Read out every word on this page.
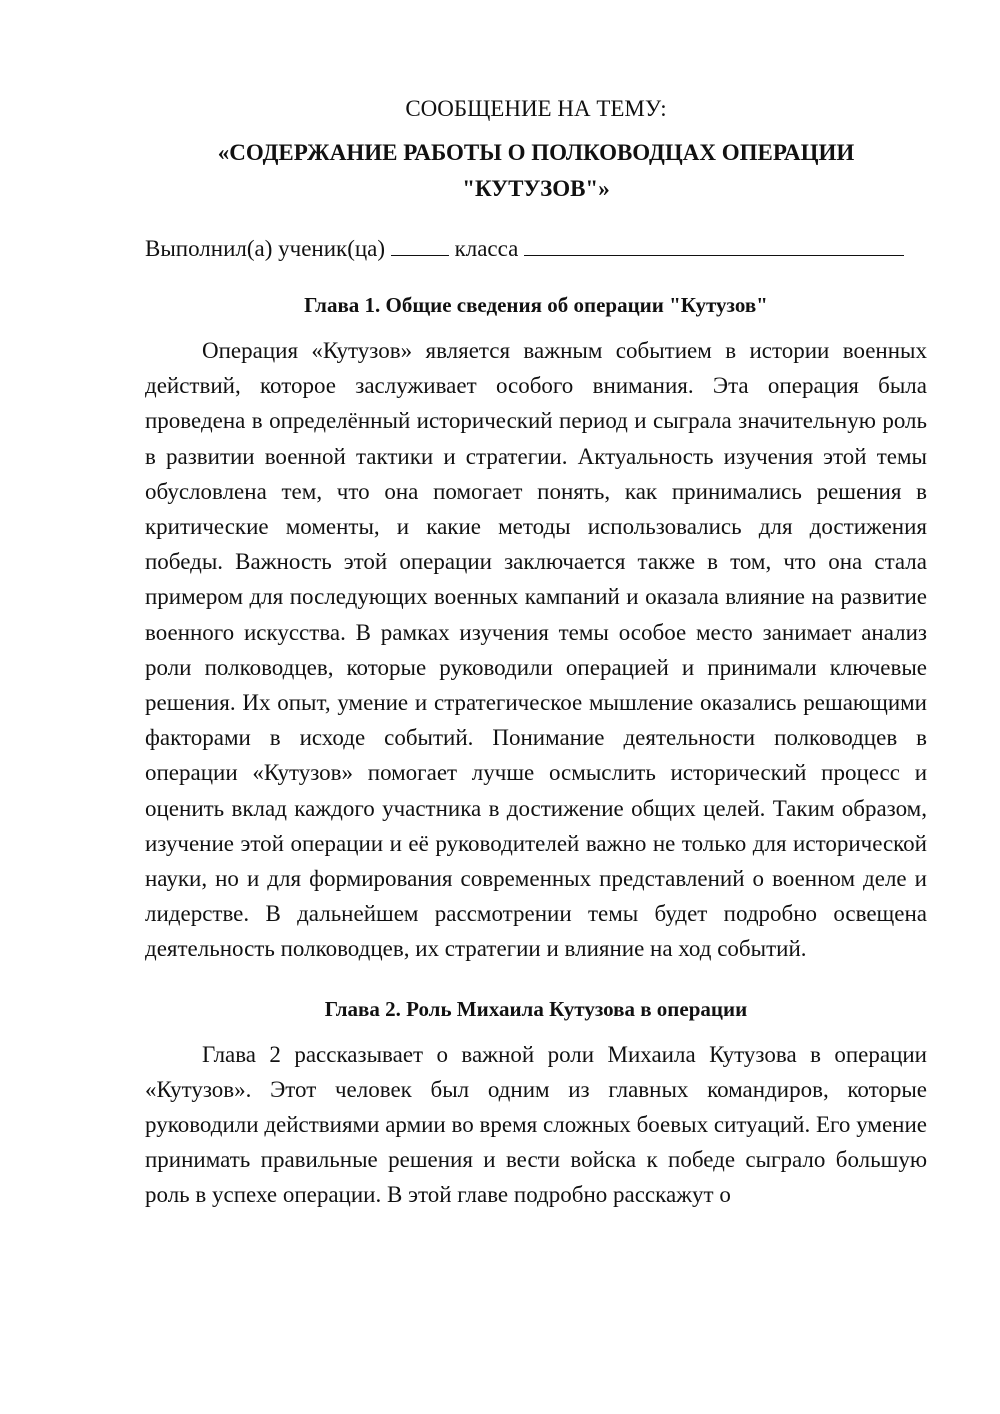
СООБЩЕНИЕ НА ТЕМУ:

«СОДЕРЖАНИЕ РАБОТЫ О ПОЛКОВОДЦАХ ОПЕРАЦИИ

"КУТУЗОВ"»

Выполнил(а) ученик(ца)	класса
Глава 1. Общие сведения об операции "Кутузов"

Операция «Кутузов» является важным событием в истории военных действий, которое заслуживает особого внимания. Эта операция была проведена в определённый исторический период и сыграла значительную роль в развитии военной тактики и стратегии. Актуальность изучения этой темы обусловлена тем, что она помогает понять, как принимались решения в критические моменты, и какие методы использовались для достижения победы. Важность этой операции заключается также в том, что она стала примером для последующих военных кампаний и оказала влияние на развитие военного искусства. В рамках изучения темы особое место занимает анализ роли полководцев, которые руководили операцией и принимали ключевые решения. Их опыт, умение и стратегическое мышление оказались решающими факторами в исходе событий. Понимание деятельности полководцев в операции «Кутузов» помогает лучше осмыслить исторический процесс и оценить вклад каждого участника в достижение общих целей. Таким образом, изучение этой операции и её руководителей важно не только для исторической науки, но и для формирования современных представлений о военном деле и лидерстве. В дальнейшем рассмотрении темы будет подробно освещена деятельность полководцев, их стратегии и влияние на ход событий.

Глава 2. Роль Михаила Кутузова в операции

Глава 2 рассказывает о важной роли Михаила Кутузова в операции «Кутузов». Этот человек был одним из главных командиров, которые руководили действиями армии во время сложных боевых ситуаций. Его умение принимать правильные решения и вести войска к победе сыграло большую роль в успехе операции. В этой главе подробно расскажут о
